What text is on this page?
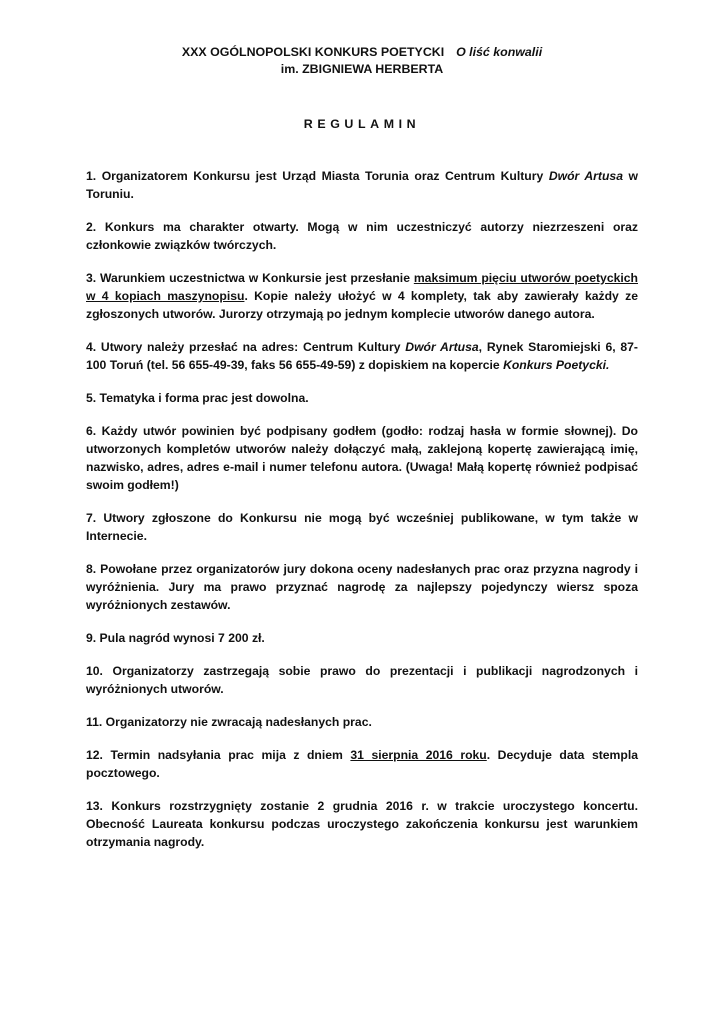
XXX OGÓLNOPOLSKI KONKURS POETYCKI O liść konwalii
im. ZBIGNIEWA HERBERTA
REGULAMIN

1. Organizatorem Konkursu jest Urząd Miasta Torunia oraz Centrum Kultury Dwór Artusa w Toruniu.

2. Konkurs ma charakter otwarty. Mogą w nim uczestniczyć autorzy niezrzeszeni oraz członkowie związków twórczych.

3. Warunkiem uczestnictwa w Konkursie jest przesłanie maksimum pięciu utworów poetyckich w 4 kopiach maszynopisu. Kopie należy ułożyć w 4 komplety, tak aby zawierały każdy ze zgłoszonych utworów. Jurorzy otrzymają po jednym komplecie utworów danego autora.

4. Utwory należy przesłać na adres: Centrum Kultury Dwór Artusa, Rynek Staromiejski 6, 87-100 Toruń (tel. 56 655-49-39, faks 56 655-49-59) z dopiskiem na kopercie Konkurs Poetycki.

5. Tematyka i forma prac jest dowolna.

6. Każdy utwór powinien być podpisany godłem (godło: rodzaj hasła w formie słownej). Do utworzonych kompletów utworów należy dołączyć małą, zaklejoną kopertę zawierającą imię, nazwisko, adres, adres e-mail i numer telefonu autora. (Uwaga! Małą kopertę również podpisać swoim godłem!)

7. Utwory zgłoszone do Konkursu nie mogą być wcześniej publikowane, w tym także w Internecie.

8. Powołane przez organizatorów jury dokona oceny nadesłanych prac oraz przyzna nagrody i wyróżnienia. Jury ma prawo przyznać nagrodę za najlepszy pojedynczy wiersz spoza wyróżnionych zestawów.

9. Pula nagród wynosi 7 200 zł.

10. Organizatorzy zastrzegają sobie prawo do prezentacji i publikacji nagrodzonych i wyróżnionych utworów.

11. Organizatorzy nie zwracają nadesłanych prac.

12. Termin nadsyłania prac mija z dniem 31 sierpnia 2016 roku. Decyduje data stempla pocztowego.

13. Konkurs rozstrzygnięty zostanie 2 grudnia 2016 r. w trakcie uroczystego koncertu. Obecność Laureata konkursu podczas uroczystego zakończenia konkursu jest warunkiem otrzymania nagrody.
